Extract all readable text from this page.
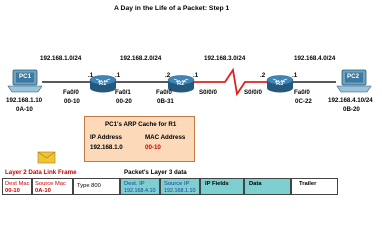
A Day in the Life of a Packet: Step 1
192.168.1.0/24	192.168.2.0/24	192.168.3.0/24	192.168.4.0/24
PC1	PC2
R1	R2	R3
.1	.1	.2	.1	.2	.1
192.168.1.10
0A-10
Fa0/0
00-10
Fa0/1
00-20
Fa0/0
0B-31
S0/0/0	S0/0/0	Fa0/0
0C-22	192.168.4.10/24
0B-20
PC1's ARP Cache for R1
IP Address	MAC Address
192.168.1.0	00-10
Layer 2 Data Link Frame	Packet's Layer 3 data
Dest Mac
00-10
Source Mac
0A-10
Type 800	Dest. IP
192.168.4.10
Source IP
192.168.1.10
IP Fields	Data	Trailer
